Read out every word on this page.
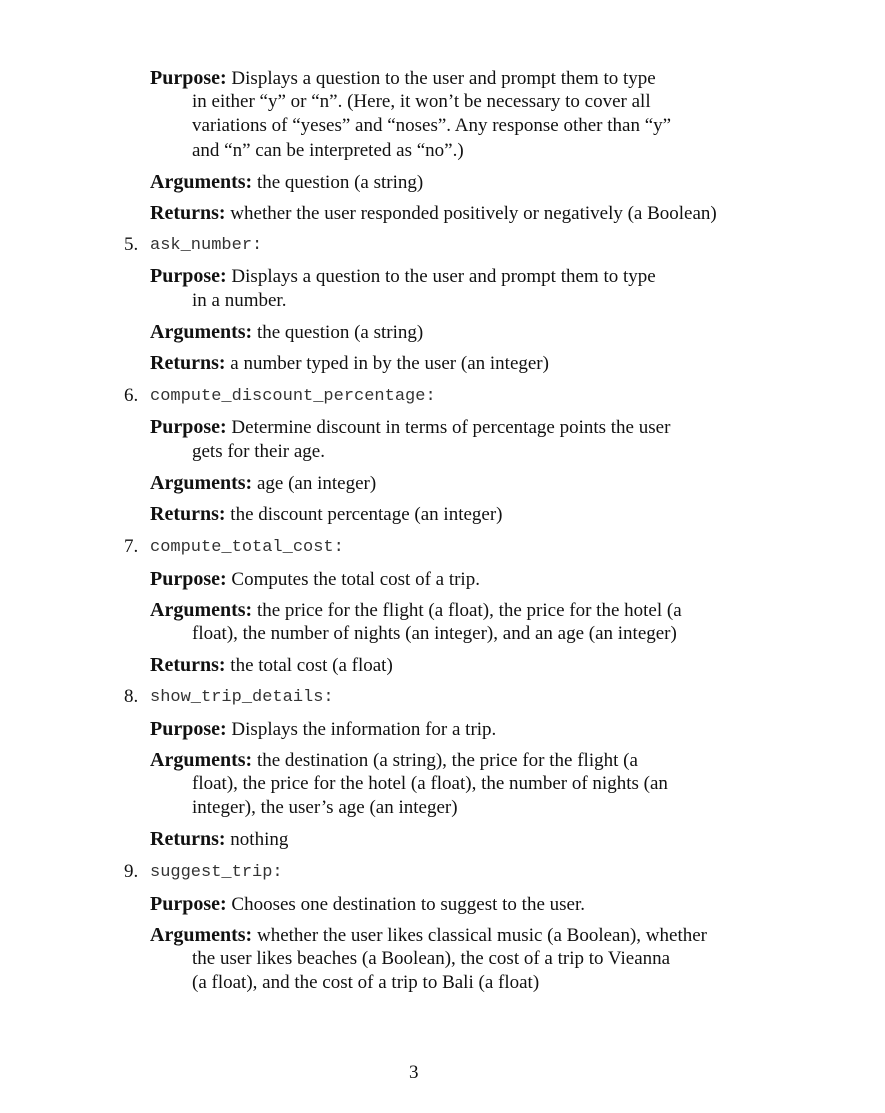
Purpose: Displays a question to the user and prompt them to type
in either “y” or “n”. (Here, it won’t be necessary to cover all
variations of “yeses” and “noses”. Any response other than “y”
and “n” can be interpreted as “no”.)
Arguments: the question (a string)
Returns: whether the user responded positively or negatively (a Boolean)
5. ask_number:
Purpose: Displays a question to the user and prompt them to type
in a number.
Arguments: the question (a string)
Returns: a number typed in by the user (an integer)
6. compute_discount_percentage:
Purpose: Determine discount in terms of percentage points the user
gets for their age.
Arguments: age (an integer)
Returns: the discount percentage (an integer)
7. compute_total_cost:
Purpose: Computes the total cost of a trip.
Arguments: the price for the flight (a float), the price for the hotel (a
float), the number of nights (an integer), and an age (an integer)
Returns: the total cost (a float)
8. show_trip_details:
Purpose: Displays the information for a trip.
Arguments: the destination (a string), the price for the flight (a
float), the price for the hotel (a float), the number of nights (an
integer), the user’s age (an integer)
Returns: nothing
9. suggest_trip:
Purpose: Chooses one destination to suggest to the user.
Arguments: whether the user likes classical music (a Boolean), whether
the user likes beaches (a Boolean), the cost of a trip to Vieanna
(a float), and the cost of a trip to Bali (a float)
3
